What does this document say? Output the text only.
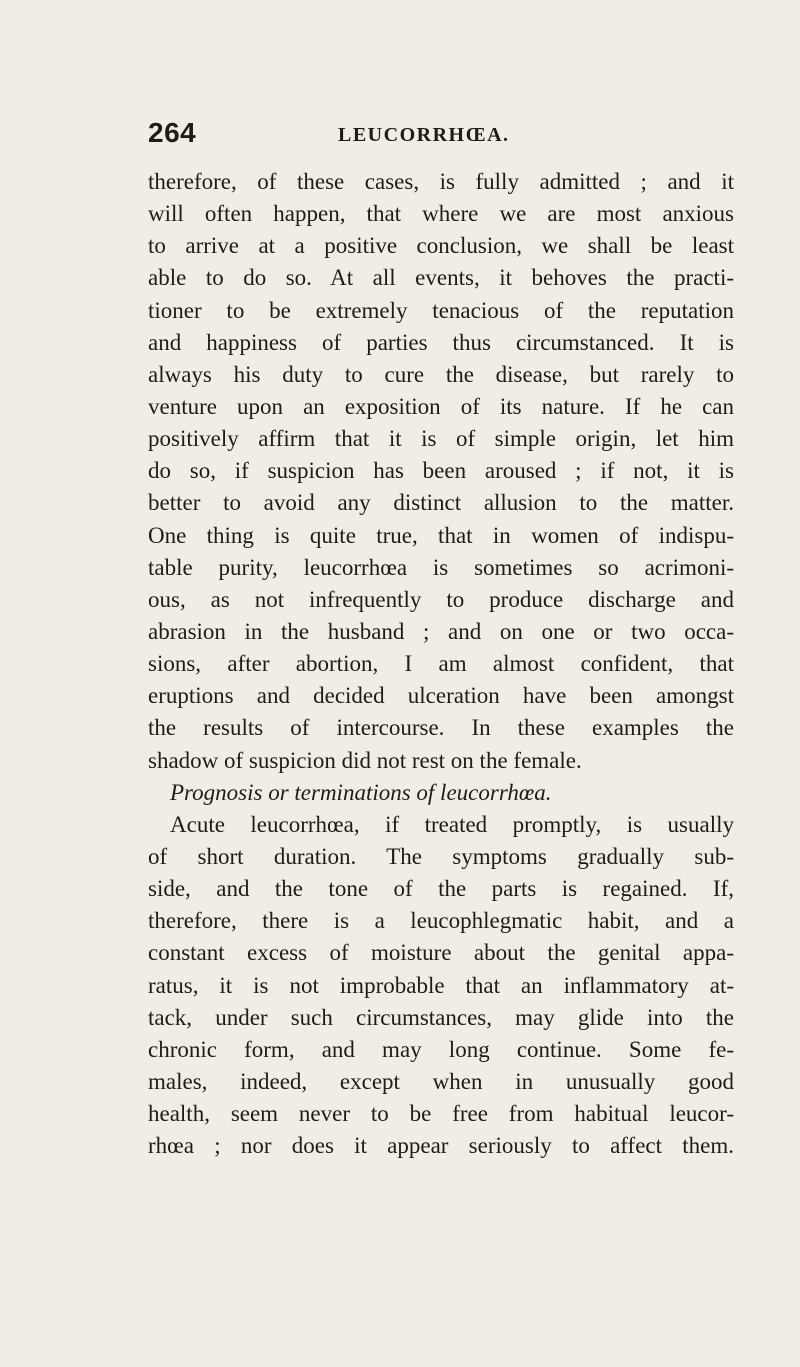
264	LEUCORRHŒA.
therefore, of these cases, is fully admitted ; and it
will often happen, that where we are most anxious
to arrive at a positive conclusion, we shall be least
able to do so. At all events, it behoves the practi-
tioner to be extremely tenacious of the reputation
and happiness of parties thus circumstanced. It is
always his duty to cure the disease, but rarely to
venture upon an exposition of its nature. If he can
positively affirm that it is of simple origin, let him
do so, if suspicion has been aroused ; if not, it is
better to avoid any distinct allusion to the matter.
One thing is quite true, that in women of indispu-
table purity, leucorrhœa is sometimes so acrimoni-
ous, as not infrequently to produce discharge and
abrasion in the husband ; and on one or two occa-
sions, after abortion, I am almost confident, that
eruptions and decided ulceration have been amongst
the results of intercourse. In these examples the
shadow of suspicion did not rest on the female.
Prognosis or terminations of leucorrhœa.
Acute leucorrhœa, if treated promptly, is usually
of short duration. The symptoms gradually sub-
side, and the tone of the parts is regained. If,
therefore, there is a leucophlegmatic habit, and a
constant excess of moisture about the genital appa-
ratus, it is not improbable that an inflammatory at-
tack, under such circumstances, may glide into the
chronic form, and may long continue. Some fe-
males, indeed, except when in unusually good
health, seem never to be free from habitual leucor-
rhœa ; nor does it appear seriously to affect them.
